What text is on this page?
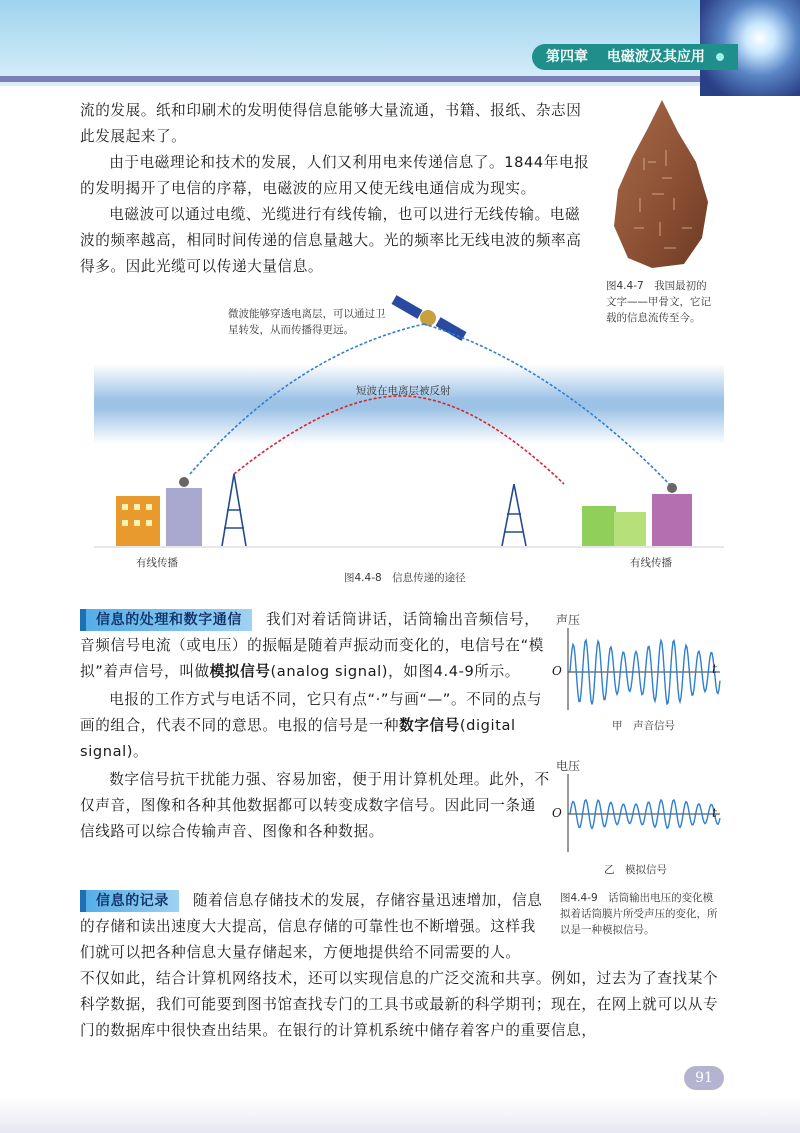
第四章 电磁波及其应用
流的发展。纸和印刷术的发明使得信息能够大量流通，书籍、报纸、杂志因此发展起来了。
由于电磁理论和技术的发展，人们又利用电来传递信息了。1844年电报的发明揭开了电信的序幕，电磁波的应用又使无线电通信成为现实。
电磁波可以通过电缆、光缆进行有线传输，也可以进行无线传输。电磁波的频率越高，相同时间传递的信息量越大。光的频率比无线电波的频率高得多。因此光缆可以传递大量信息。
图4.4-7　我国最初的文字——甲骨文，它记载的信息流传至今。
微波能够穿透电离层，可以通过卫星转发，从而传播得更远。
短波在电离层被反射
有线传播	有线传播
图4.4-8　信息传递的途径
信息的处理和数字通信 我们对着话筒讲话，话筒输出音频信号，音频信号电流（或电压）的振幅是随着声振动而变化的，电信号在“模拟”着声信号，叫做模拟信号(analog signal)，如图4.4-9所示。
电报的工作方式与电话不同，它只有点“·”与画“—”。不同的点与画的组合，代表不同的意思。电报的信号是一种数字信号(digital signal)。
数字信号抗干扰能力强、容易加密，便于用计算机处理。此外，不仅声音，图像和各种其他数据都可以转变成数字信号。因此同一条通信线路可以综合传输声音、图像和各种数据。
声压
O	t
甲　声音信号
电压
O	t
乙　模拟信号
图4.4-9　话筒输出电压的变化模拟着话筒膜片所受声压的变化，所以是一种模拟信号。
信息的记录 随着信息存储技术的发展，存储容量迅速增加，信息的存储和读出速度大大提高，信息存储的可靠性也不断增强。这样我们就可以把各种信息大量存储起来，方便地提供给不同需要的人。
不仅如此，结合计算机网络技术，还可以实现信息的广泛交流和共享。例如，过去为了查找某个科学数据，我们可能要到图书馆查找专门的工具书或最新的科学期刊；现在，在网上就可以从专门的数据库中很快查出结果。在银行的计算机系统中储存着客户的重要信息，
91
